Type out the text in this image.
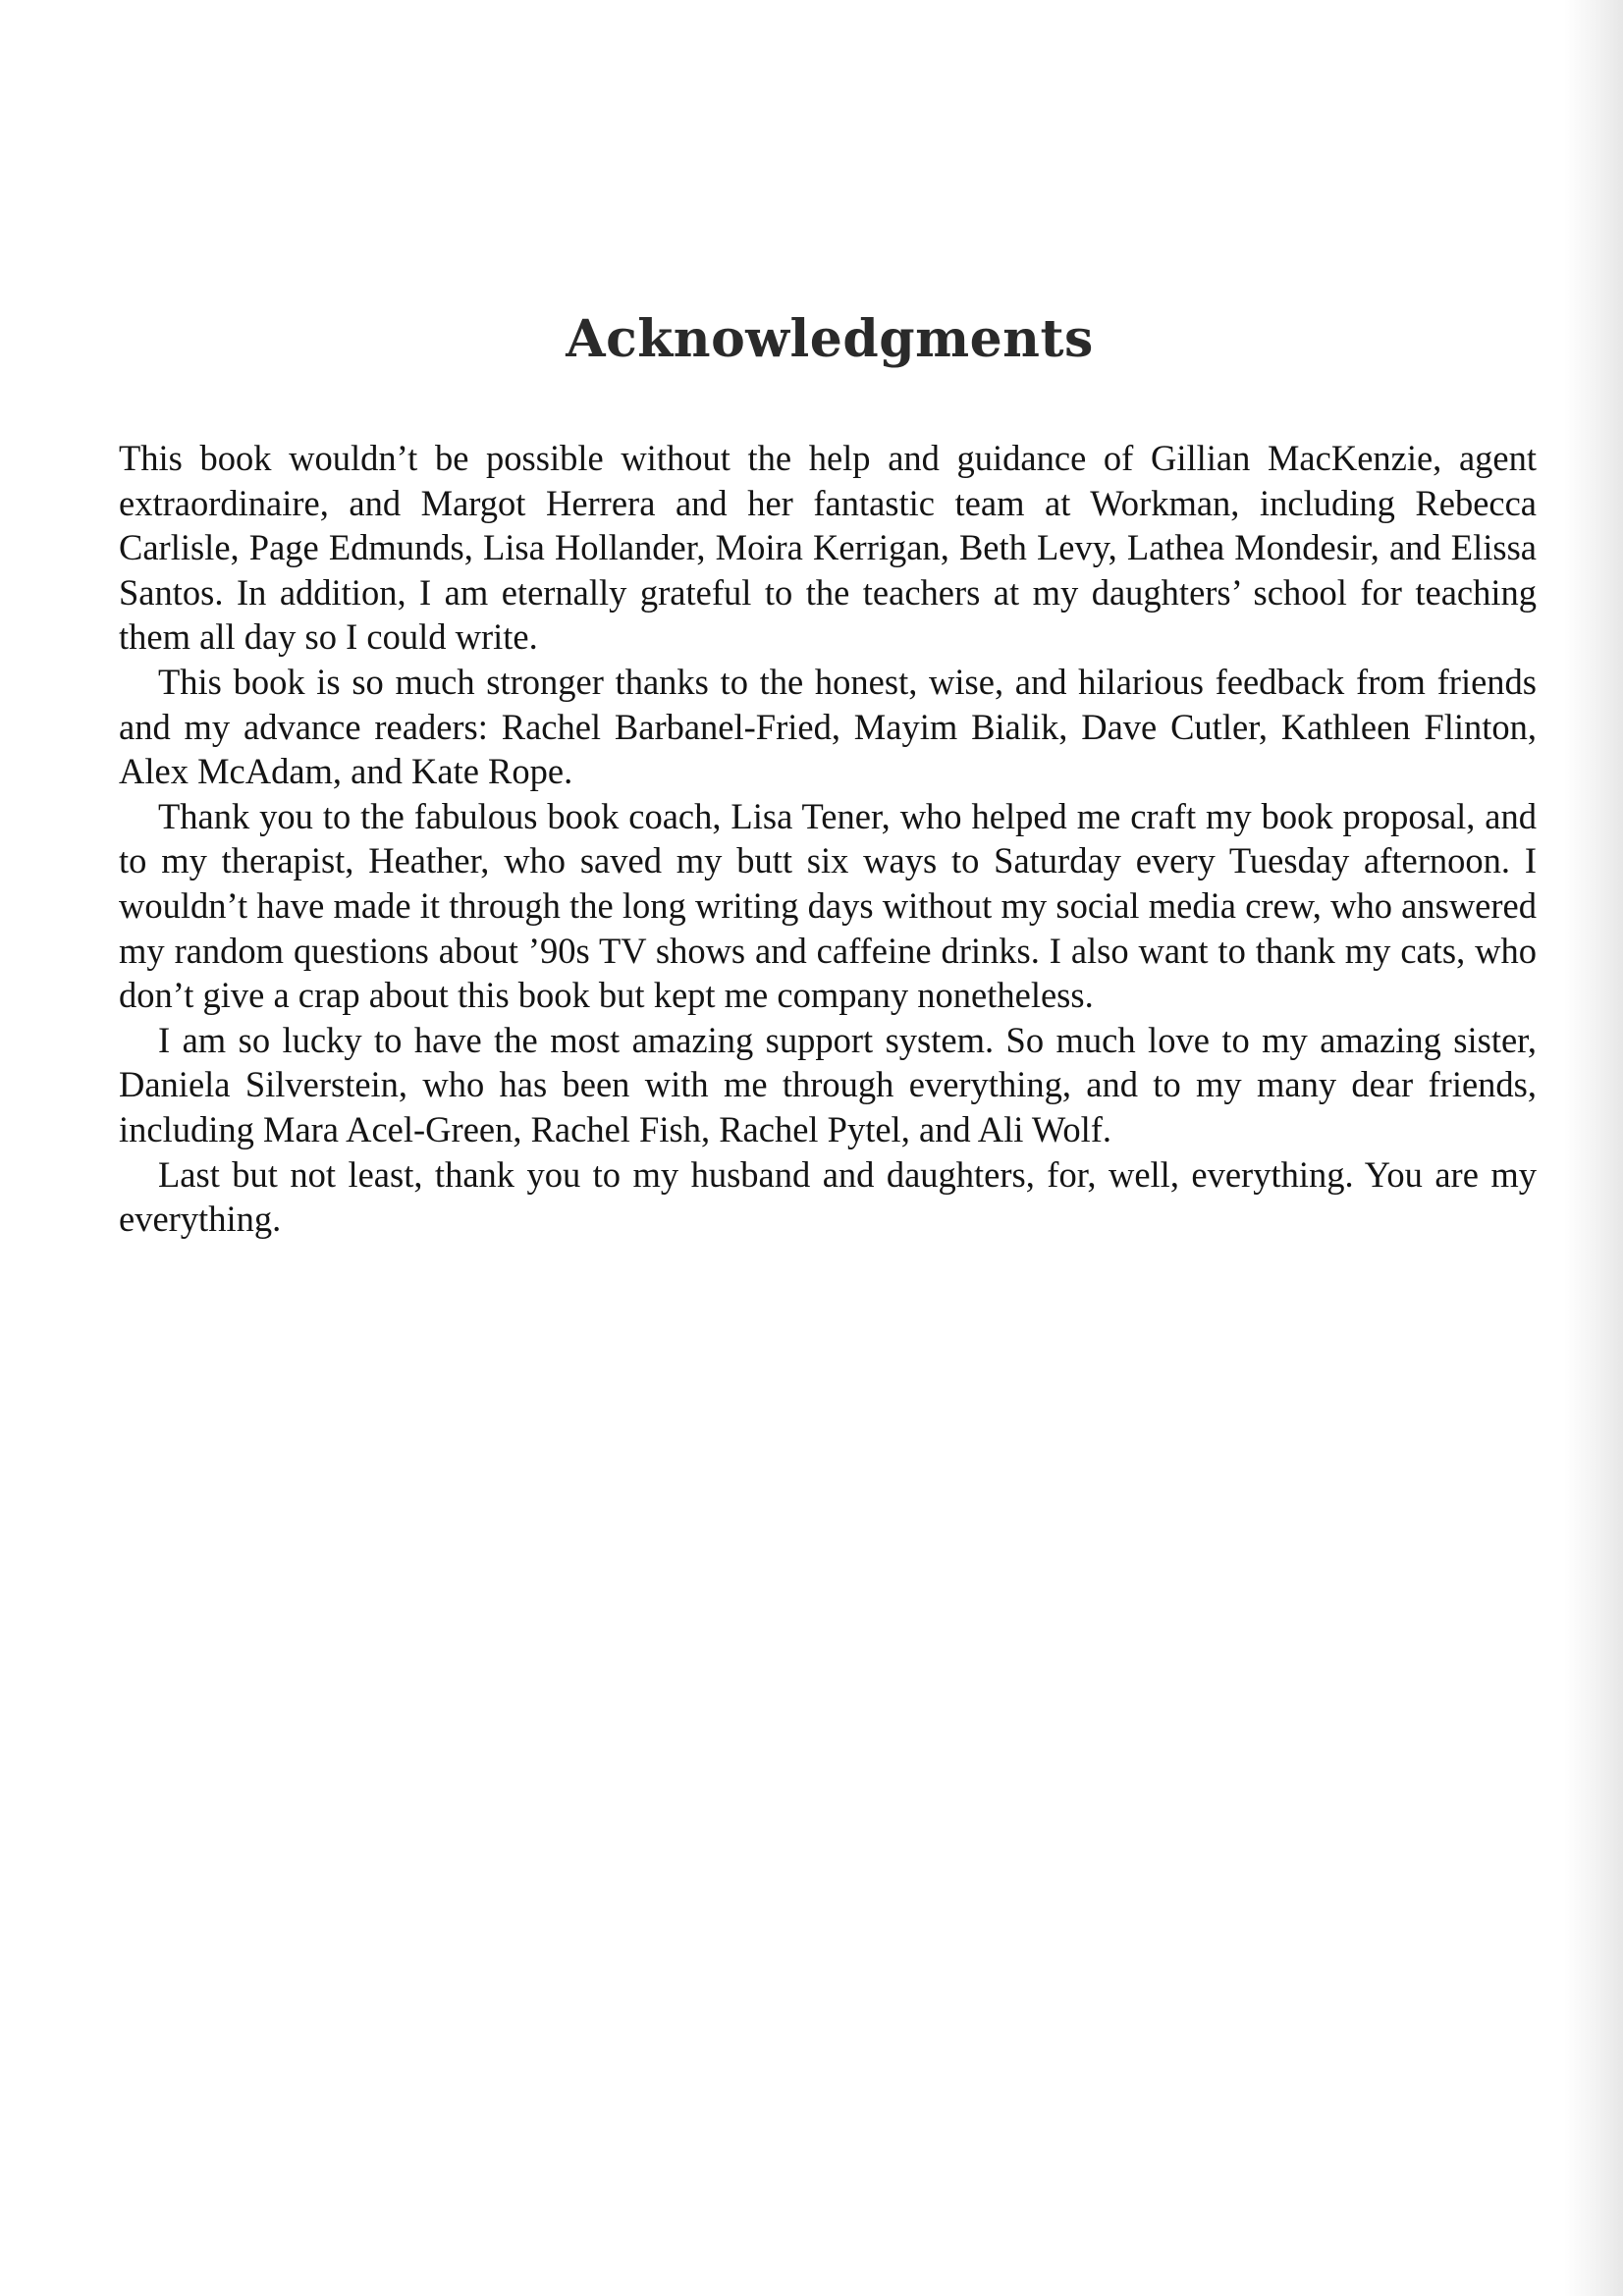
Acknowledgments

This book wouldn’t be possible without the help and guidance of Gillian MacKenzie, agent extraordinaire, and Margot Herrera and her fantastic team at Workman, including Rebecca Carlisle, Page Edmunds, Lisa Hollander, Moira Kerrigan, Beth Levy, Lathea Mondesir, and Elissa Santos. In addition, I am eternally grateful to the teachers at my daughters’ school for teaching them all day so I could write.

This book is so much stronger thanks to the honest, wise, and hilarious feedback from friends and my advance readers: Rachel Barbanel-Fried, Mayim Bialik, Dave Cutler, Kathleen Flinton, Alex McAdam, and Kate Rope.

Thank you to the fabulous book coach, Lisa Tener, who helped me craft my book proposal, and to my therapist, Heather, who saved my butt six ways to Saturday every Tuesday afternoon. I wouldn’t have made it through the long writing days without my social media crew, who answered my random questions about ’90s TV shows and caffeine drinks. I also want to thank my cats, who don’t give a crap about this book but kept me company nonetheless.

I am so lucky to have the most amazing support system. So much love to my amazing sister, Daniela Silverstein, who has been with me through everything, and to my many dear friends, including Mara Acel-Green, Rachel Fish, Rachel Pytel, and Ali Wolf.

Last but not least, thank you to my husband and daughters, for, well, everything. You are my everything.
